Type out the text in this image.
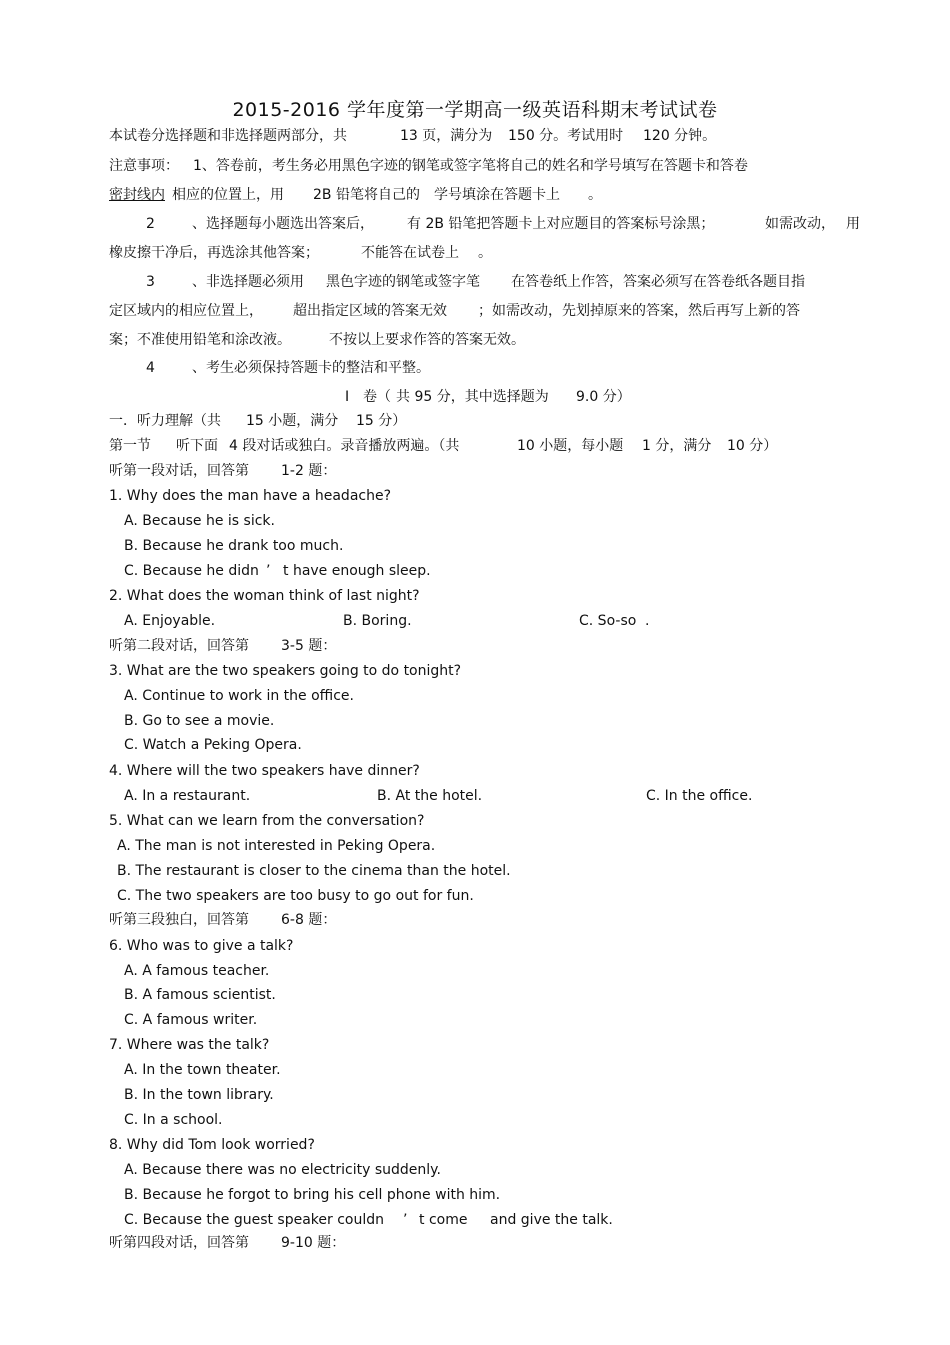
2015-2016 学年度第一学期高一级英语科期末考试试卷
本试卷分选择题和非选择题两部分，共	13 页，满分为 150 分。考试用时 120 分钟。
注意事项： 1、答卷前，考生务必用黑色字迹的钢笔或签字笔将自己的姓名和学号填写在答题卡和答卷
密封线内 相应的位置上，用 2B 铅笔将自己的 学号填涂在答题卡上 。
2	、选择题每小题选出答案后， 有 2B 铅笔把答题卡上对应题目的答案标号涂黑；	如需改动， 用
橡皮擦干净后，再选涂其他答案；	不能答在试卷上 。
3	、非选择题必须用 黑色字迹的钢笔或签字笔 在答卷纸上作答，答案必须写在答卷纸各题目指
定区域内的相应位置上， 超出指定区域的答案无效 ；如需改动，先划掉原来的答案，然后再写上新的答
案；不准使用铅笔和涂改液。	不按以上要求作答的答案无效。
4	、考生必须保持答题卡的整洁和平整。
I 卷（ 共 95 分，其中选择题为 9.0 分）
一．听力理解（共 15 小题，满分 15 分）
第一节 听下面 4 段对话或独白。录音播放两遍。（共	10 小题，每小题 1 分，满分 10 分）
听第一段对话，回答第 1-2 题：
1. Why does the man have a headache?
A. Because he is sick.
B. Because he drank too much.
C. Because he didn ’ t have enough sleep.
2. What does the woman think of last night?
A. Enjoyable.	B. Boring.	C. So-so .
听第二段对话，回答第 3-5 题：
3. What are the two speakers going to do tonight?
A. Continue to work in the office.
B. Go to see a movie.
C. Watch a Peking Opera.
4. Where will the two speakers have dinner?
A. In a restaurant.	B. At the hotel.	C. In the office.
5. What can we learn from the conversation?
A. The man is not interested in Peking Opera.
B. The restaurant is closer to the cinema than the hotel.
C. The two speakers are too busy to go out for fun.
听第三段独白，回答第 6-8 题：
6. Who was to give a talk?
A. A famous teacher.
B. A famous scientist.
C. A famous writer.
7. Where was the talk?
A. In the town theater.
B. In the town library.
C. In a school.
8. Why did Tom look worried?
A. Because there was no electricity suddenly.
B. Because he forgot to bring his cell phone with him.
C. Because the guest speaker couldn ’ t come and give the talk.
听第四段对话，回答第 9-10 题：
